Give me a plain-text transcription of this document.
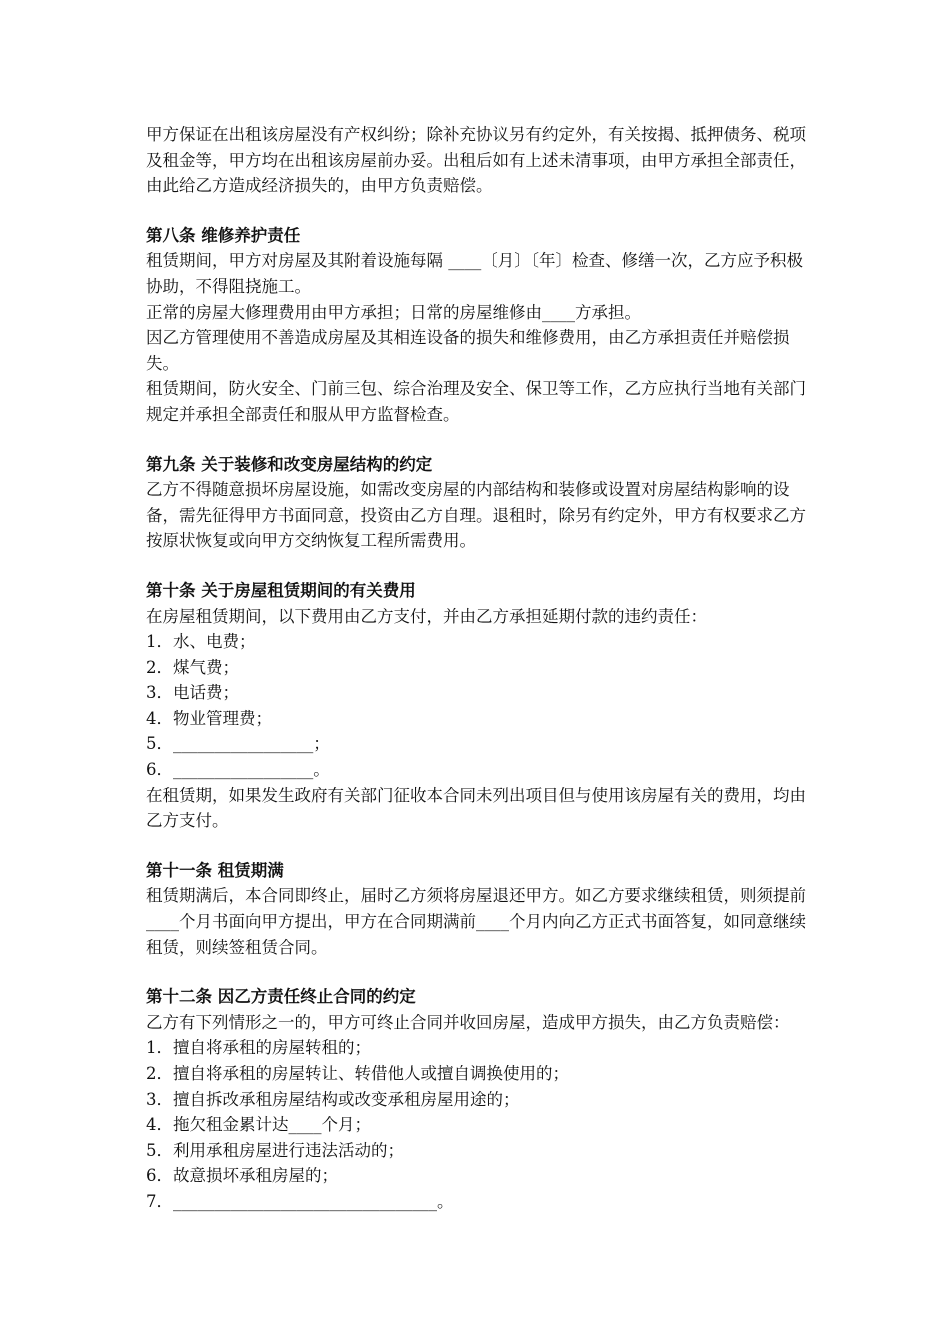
甲方保证在出租该房屋没有产权纠纷；除补充协议另有约定外，有关按揭、抵押债务、税项及租金等，甲方均在出租该房屋前办妥。出租后如有上述未清事项，由甲方承担全部责任，由此给乙方造成经济损失的，由甲方负责赔偿。

第八条 维修养护责任

租赁期间，甲方对房屋及其附着设施每隔 ____〔月〕〔年〕检查、修缮一次，乙方应予积极协助，不得阻挠施工。

正常的房屋大修理费用由甲方承担；日常的房屋维修由____方承担。

因乙方管理使用不善造成房屋及其相连设备的损失和维修费用，由乙方承担责任并赔偿损失。

租赁期间，防火安全、门前三包、综合治理及安全、保卫等工作，乙方应执行当地有关部门规定并承担全部责任和服从甲方监督检查。

第九条 关于装修和改变房屋结构的约定

乙方不得随意损坏房屋设施，如需改变房屋的内部结构和装修或设置对房屋结构影响的设备，需先征得甲方书面同意，投资由乙方自理。退租时，除另有约定外，甲方有权要求乙方按原状恢复或向甲方交纳恢复工程所需费用。

第十条 关于房屋租赁期间的有关费用

在房屋租赁期间，以下费用由乙方支付，并由乙方承担延期付款的违约责任：

1．水、电费；

2．煤气费；

3．电话费；

4．物业管理费；

5．_________________；

6．_________________。

在租赁期，如果发生政府有关部门征收本合同未列出项目但与使用该房屋有关的费用，均由乙方支付。

第十一条 租赁期满

租赁期满后，本合同即终止，届时乙方须将房屋退还甲方。如乙方要求继续租赁，则须提前____个月书面向甲方提出，甲方在合同期满前____个月内向乙方正式书面答复，如同意继续租赁，则续签租赁合同。

第十二条 因乙方责任终止合同的约定

乙方有下列情形之一的，甲方可终止合同并收回房屋，造成甲方损失，由乙方负责赔偿：

1．擅自将承租的房屋转租的；

2．擅自将承租的房屋转让、转借他人或擅自调换使用的；

3．擅自拆改承租房屋结构或改变承租房屋用途的；

4．拖欠租金累计达____个月；

5．利用承租房屋进行违法活动的；

6．故意损坏承租房屋的；

7．________________________________。
